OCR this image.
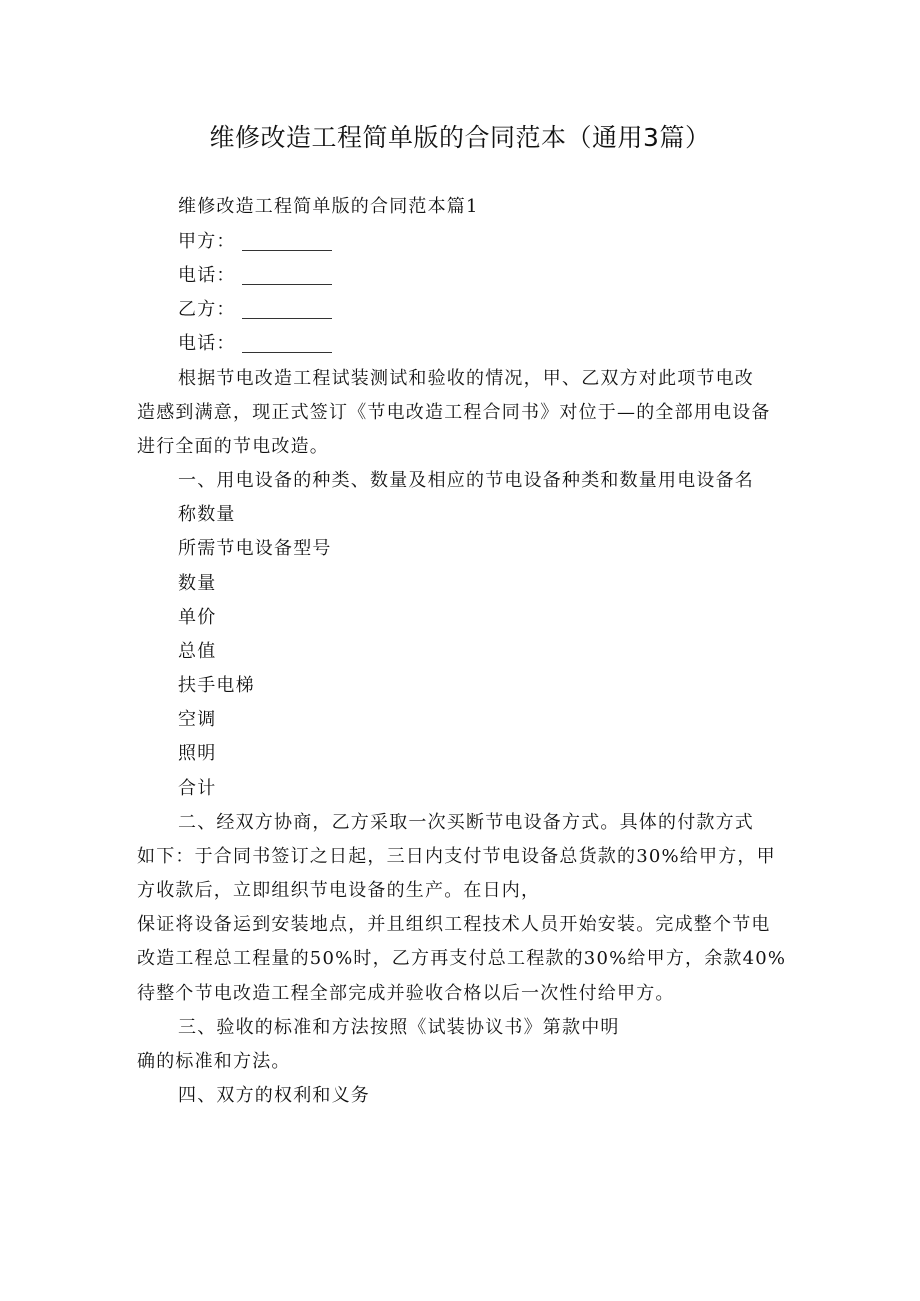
维修改造工程简单版的合同范本（通用3篇）
维修改造工程简单版的合同范本篇1
甲方：
电话：
乙方：
电话：
根据节电改造工程试装测试和验收的情况，甲、乙双方对此项节电改
造感到满意，现正式签订《节电改造工程合同书》对位于—的全部用电设备
进行全面的节电改造。
一、用电设备的种类、数量及相应的节电设备种类和数量用电设备名
称数量
所需节电设备型号
数量
单价
总值
扶手电梯
空调
照明
合计
二、经双方协商，乙方采取一次买断节电设备方式。具体的付款方式
如下：于合同书签订之日起，三日内支付节电设备总货款的30%给甲方，甲
方收款后，立即组织节电设备的生产。在日内，
保证将设备运到安装地点，并且组织工程技术人员开始安装。完成整个节电
改造工程总工程量的50%时，乙方再支付总工程款的30%给甲方，余款40%
待整个节电改造工程全部完成并验收合格以后一次性付给甲方。
三、验收的标准和方法按照《试装协议书》第款中明
确的标准和方法。
四、双方的权利和义务
